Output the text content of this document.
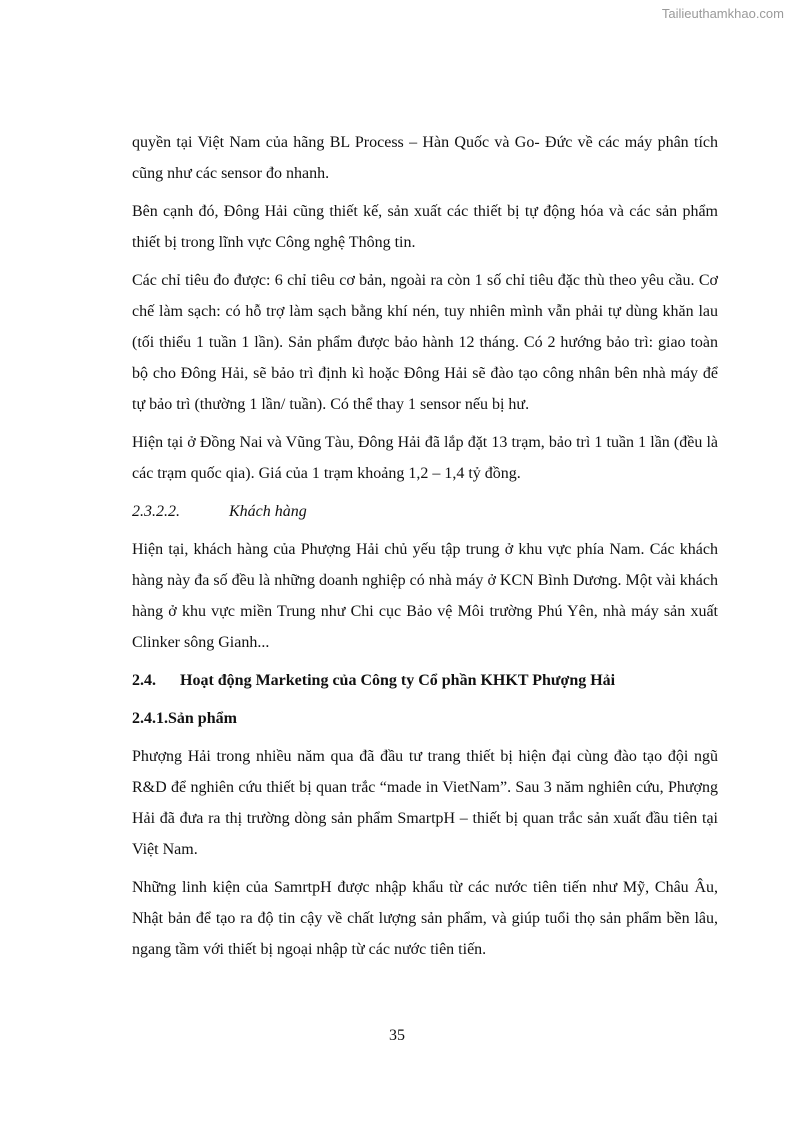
Tailieuthamkhao.com

quyền tại Việt Nam của hãng BL Process – Hàn Quốc và Go- Đức về các máy phân tích cũng như các sensor đo nhanh.

Bên cạnh đó, Đông Hải cũng thiết kế, sản xuất các thiết bị tự động hóa và các sản phẩm thiết bị trong lĩnh vực Công nghệ Thông tin.

Các chỉ tiêu đo được: 6 chỉ tiêu cơ bản, ngoài ra còn 1 số chỉ tiêu đặc thù theo yêu cầu. Cơ chế làm sạch: có hỗ trợ làm sạch bằng khí nén, tuy nhiên mình vẫn phải tự dùng khăn lau (tối thiểu 1 tuần 1 lần). Sản phẩm được bảo hành 12 tháng. Có 2 hướng bảo trì: giao toàn bộ cho Đông Hải, sẽ bảo trì định kì hoặc Đông Hải sẽ đào tạo công nhân bên nhà máy để tự bảo trì (thường 1 lần/ tuần). Có thể thay 1 sensor nếu bị hư.

Hiện tại ở Đồng Nai và Vũng Tàu, Đông Hải đã lắp đặt 13 trạm, bảo trì 1 tuần 1 lần (đều là các trạm quốc qia). Giá của 1 trạm khoảng 1,2 – 1,4 tỷ đồng.

2.3.2.2.	Khách hàng

Hiện tại, khách hàng của Phượng Hải chủ yếu tập trung ở khu vực phía Nam. Các khách hàng này đa số đều là những doanh nghiệp có nhà máy ở KCN Bình Dương. Một vài khách hàng ở khu vực miền Trung như Chi cục Bảo vệ Môi trường Phú Yên, nhà máy sản xuất Clinker sông Gianh...

2.4. Hoạt động Marketing của Công ty Cổ phần KHKT Phượng Hải
2.4.1.Sản phẩm

Phượng Hải trong nhiều năm qua đã đầu tư trang thiết bị hiện đại cùng đào tạo đội ngũ R&D để nghiên cứu thiết bị quan trắc “made in VietNam”. Sau 3 năm nghiên cứu, Phượng Hải đã đưa ra thị trường dòng sản phẩm SmartpH – thiết bị quan trắc sản xuất đầu tiên tại Việt Nam.

Những linh kiện của SamrtpH được nhập khẩu từ các nước tiên tiến như Mỹ, Châu Âu, Nhật bản để tạo ra độ tin cậy về chất lượng sản phẩm, và giúp tuổi thọ sản phẩm bền lâu, ngang tầm với thiết bị ngoại nhập từ các nước tiên tiến.

35
